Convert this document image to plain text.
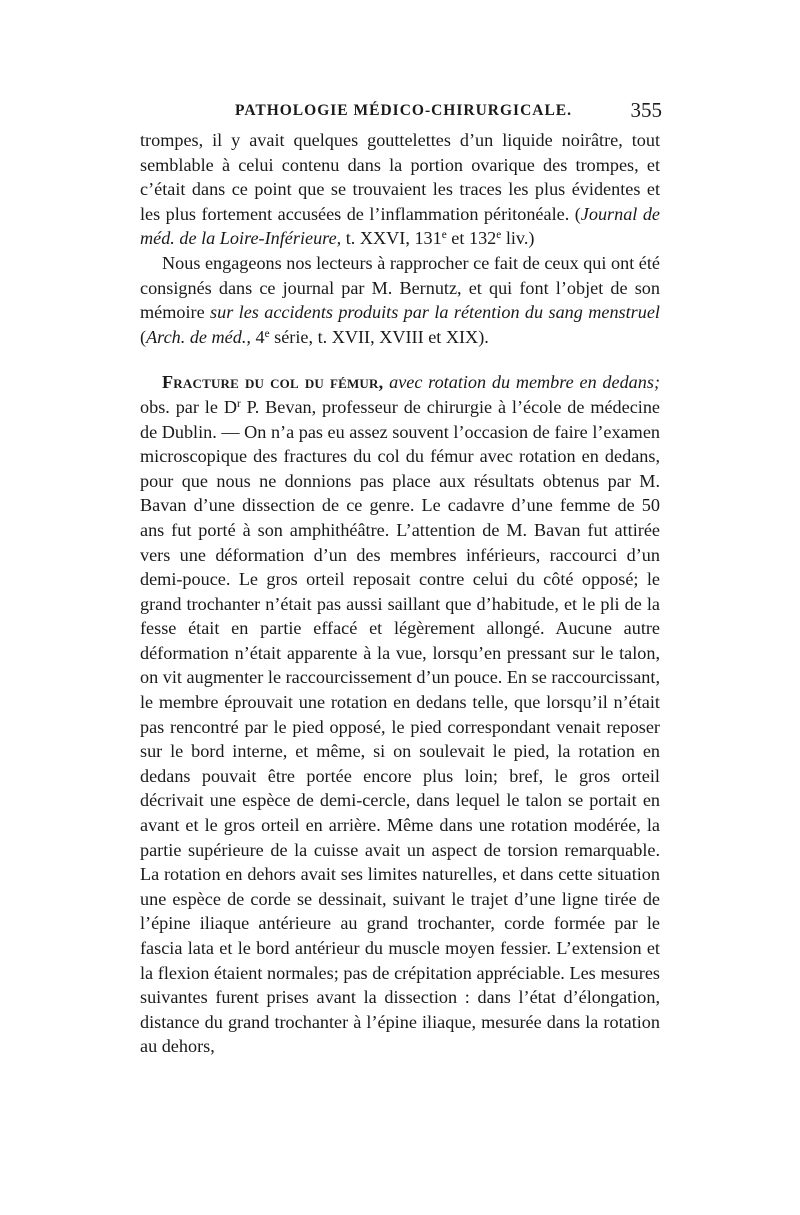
PATHOLOGIE MÉDICO-CHIRURGICALE.	355

trompes, il y avait quelques gouttelettes d’un liquide noirâtre, tout semblable à celui contenu dans la portion ovarique des trompes, et c’était dans ce point que se trouvaient les traces les plus évidentes et les plus fortement accusées de l’inflammation péritonéale. (Journal de méd. de la Loire-Inférieure, t. XXVI, 131e et 132e liv.)

Nous engageons nos lecteurs à rapprocher ce fait de ceux qui ont été consignés dans ce journal par M. Bernutz, et qui font l’objet de son mémoire sur les accidents produits par la rétention du sang menstruel (Arch. de méd., 4e série, t. XVII, XVIII et XIX).

Fracture du col du fémur, avec rotation du membre en dedans; obs. par le $D^r$ P. Bevan, professeur de chirurgie à l’école de médecine de Dublin. — On n’a pas eu assez souvent l’occasion de faire l’examen microscopique des fractures du col du fémur avec rotation en dedans, pour que nous ne donnions pas place aux résultats obtenus par M. Bavan d’une dissection de ce genre. Le cadavre d’une femme de 50 ans fut porté à son amphithéâtre. L’attention de M. Bavan fut attirée vers une déformation d’un des membres inférieurs, raccourci d’un demi-pouce. Le gros orteil reposait contre celui du côté opposé; le grand trochanter n’était pas aussi saillant que d’habitude, et le pli de la fesse était en partie effacé et légèrement allongé. Aucune autre déformation n’était apparente à la vue, lorsqu’en pressant sur le talon, on vit augmenter le raccourcissement d’un pouce. En se raccourcissant, le membre éprouvait une rotation en dedans telle, que lorsqu’il n’était pas rencontré par le pied opposé, le pied correspondant venait reposer sur le bord interne, et même, si on soulevait le pied, la rotation en dedans pouvait être portée encore plus loin; bref, le gros orteil décrivait une espèce de demi-cercle, dans lequel le talon se portait en avant et le gros orteil en arrière. Même dans une rotation modérée, la partie supérieure de la cuisse avait un aspect de torsion remarquable. La rotation en dehors avait ses limites naturelles, et dans cette situation une espèce de corde se dessinait, suivant le trajet d’une ligne tirée de l’épine iliaque antérieure au grand trochanter, corde formée par le fascia lata et le bord antérieur du muscle moyen fessier. L’extension et la flexion étaient normales; pas de crépitation appréciable. Les mesures suivantes furent prises avant la dissection : dans l’état d’élongation, distance du grand trochanter à l’épine iliaque, mesurée dans la rotation au dehors,
